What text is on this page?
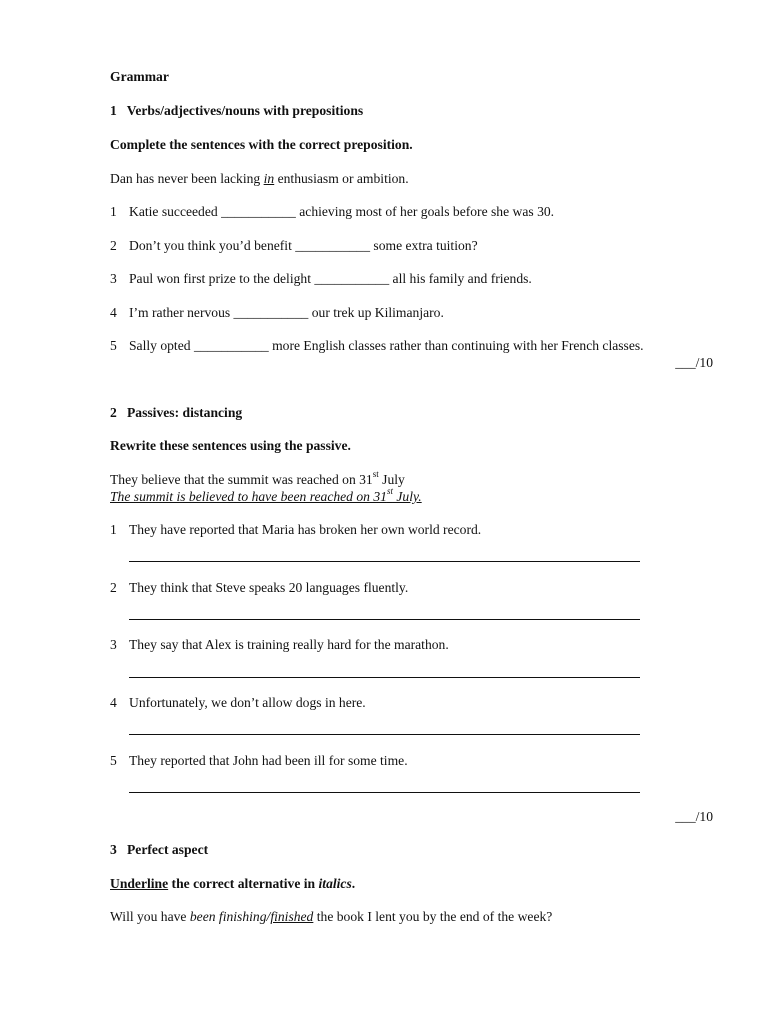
Grammar
1 Verbs/adjectives/nouns with prepositions
Complete the sentences with the correct preposition.
Dan has never been lacking in enthusiasm or ambition.
1 Katie succeeded ___________ achieving most of her goals before she was 30.
2 Don’t you think you’d benefit ___________ some extra tuition?
3 Paul won first prize to the delight ___________ all his family and friends.
4 I’m rather nervous ___________ our trek up Kilimanjaro.
5 Sally opted ___________ more English classes rather than continuing with her French classes.
___/10
2 Passives: distancing
Rewrite these sentences using the passive.
They believe that the summit was reached on 31st July
The summit is believed to have been reached on 31st July.
1 They have reported that Maria has broken her own world record.
2 They think that Steve speaks 20 languages fluently.
3 They say that Alex is training really hard for the marathon.
4 Unfortunately, we don’t allow dogs in here.
5 They reported that John had been ill for some time.
___/10
3 Perfect aspect
Underline the correct alternative in italics.
Will you have been finishing/finished the book I lent you by the end of the week?
